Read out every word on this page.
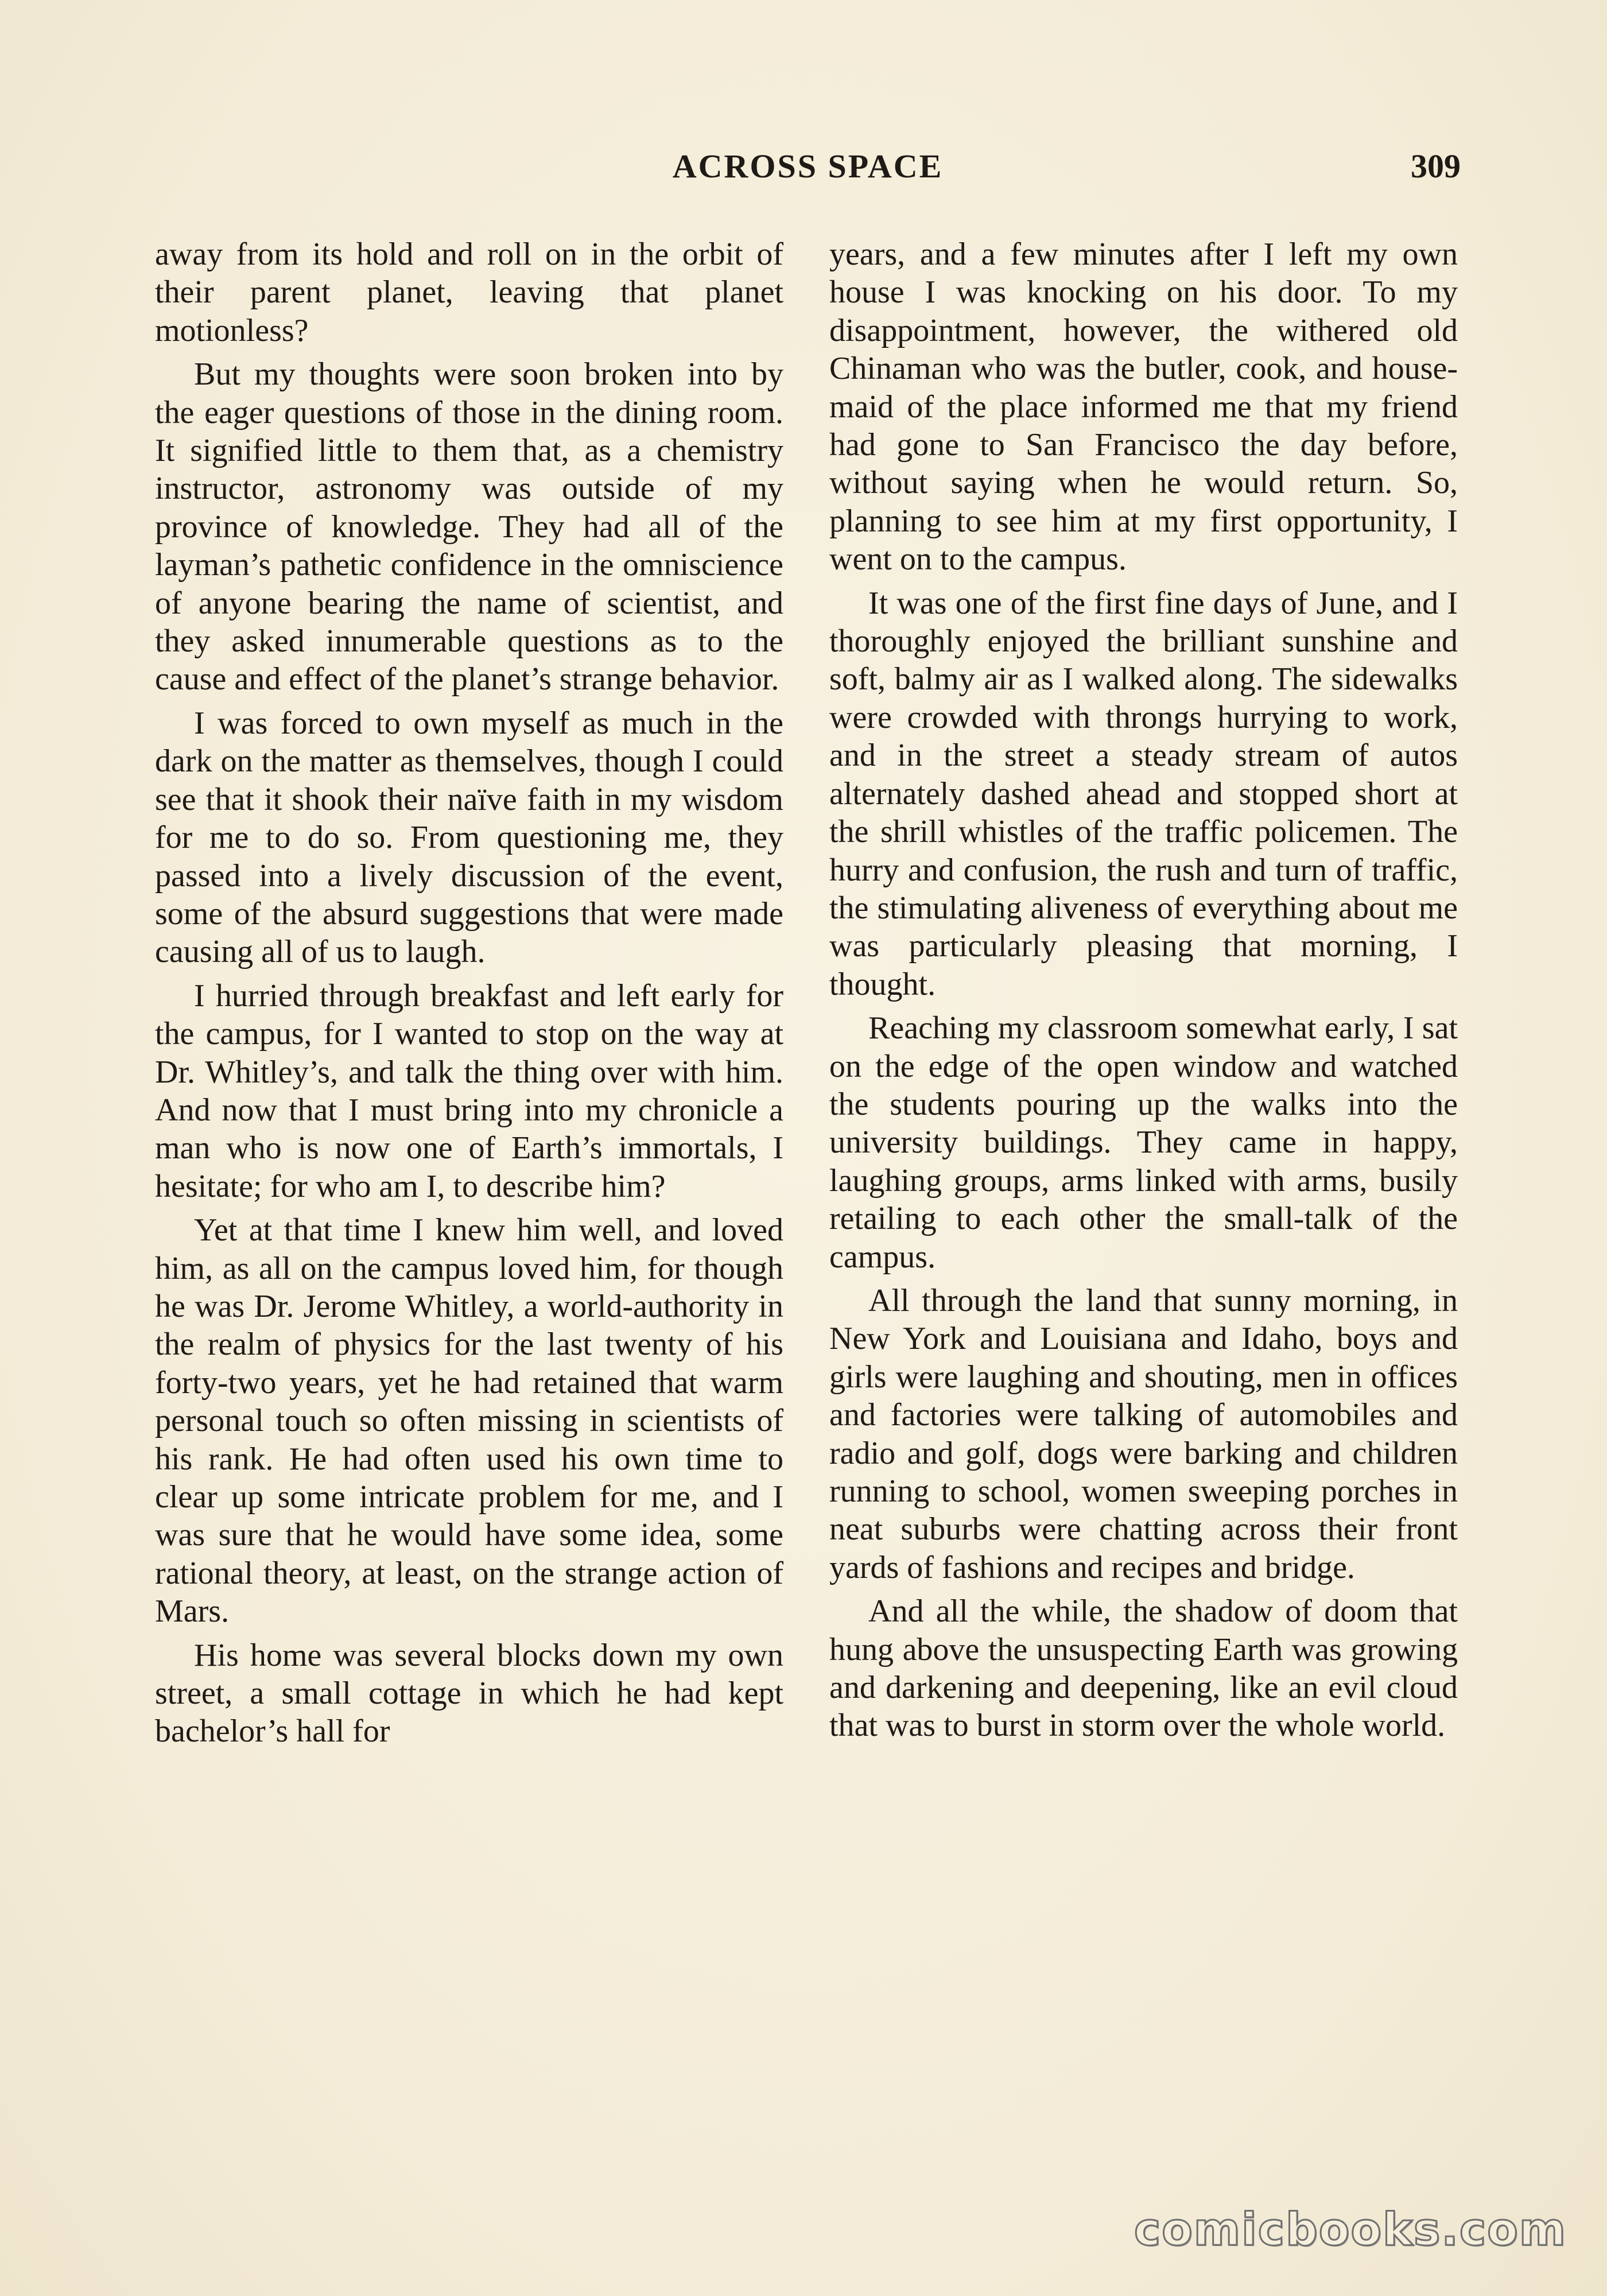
ACROSS SPACE	309

away from its hold and roll on in the orbit of their parent planet, leaving that planet motionless?

But my thoughts were soon broken into by the eager questions of those in the dining room. It signified little to them that, as a chemistry instructor, astronomy was outside of my province of knowledge. They had all of the layman’s pathetic confidence in the omniscience of anyone bearing the name of scientist, and they asked innumerable questions as to the cause and effect of the planet’s strange behavior.

I was forced to own myself as much in the dark on the matter as themselves, though I could see that it shook their naïve faith in my wisdom for me to do so. From questioning me, they passed into a lively discussion of the event, some of the absurd suggestions that were made causing all of us to laugh.

I hurried through breakfast and left early for the campus, for I wanted to stop on the way at Dr. Whitley’s, and talk the thing over with him. And now that I must bring into my chronicle a man who is now one of Earth’s immortals, I hesitate; for who am I, to describe him?

Yet at that time I knew him well, and loved him, as all on the campus loved him, for though he was Dr. Jerome Whitley, a world-authority in the realm of physics for the last twenty of his forty-two years, yet he had retained that warm personal touch so often missing in scientists of his rank. He had often used his own time to clear up some intricate problem for me, and I was sure that he would have some idea, some rational theory, at least, on the strange action of Mars.

His home was several blocks down my own street, a small cottage in which he had kept bachelor’s hall for

years, and a few minutes after I left my own house I was knocking on his door. To my disappointment, however, the withered old Chinaman who was the butler, cook, and house-maid of the place informed me that my friend had gone to San Francisco the day before, without saying when he would return. So, planning to see him at my first opportunity, I went on to the campus.

It was one of the first fine days of June, and I thoroughly enjoyed the brilliant sunshine and soft, balmy air as I walked along. The sidewalks were crowded with throngs hurrying to work, and in the street a steady stream of autos alternately dashed ahead and stopped short at the shrill whistles of the traffic policemen. The hurry and confusion, the rush and turn of traffic, the stimulating aliveness of everything about me was particularly pleasing that morning, I thought.

Reaching my classroom somewhat early, I sat on the edge of the open window and watched the students pouring up the walks into the university buildings. They came in happy, laughing groups, arms linked with arms, busily retailing to each other the small-talk of the campus.

All through the land that sunny morning, in New York and Louisiana and Idaho, boys and girls were laughing and shouting, men in offices and factories were talking of automobiles and radio and golf, dogs were barking and children running to school, women sweeping porches in neat suburbs were chatting across their front yards of fashions and recipes and bridge.

And all the while, the shadow of doom that hung above the unsuspecting Earth was growing and darkening and deepening, like an evil cloud that was to burst in storm over the whole world.

comicbooks.com
